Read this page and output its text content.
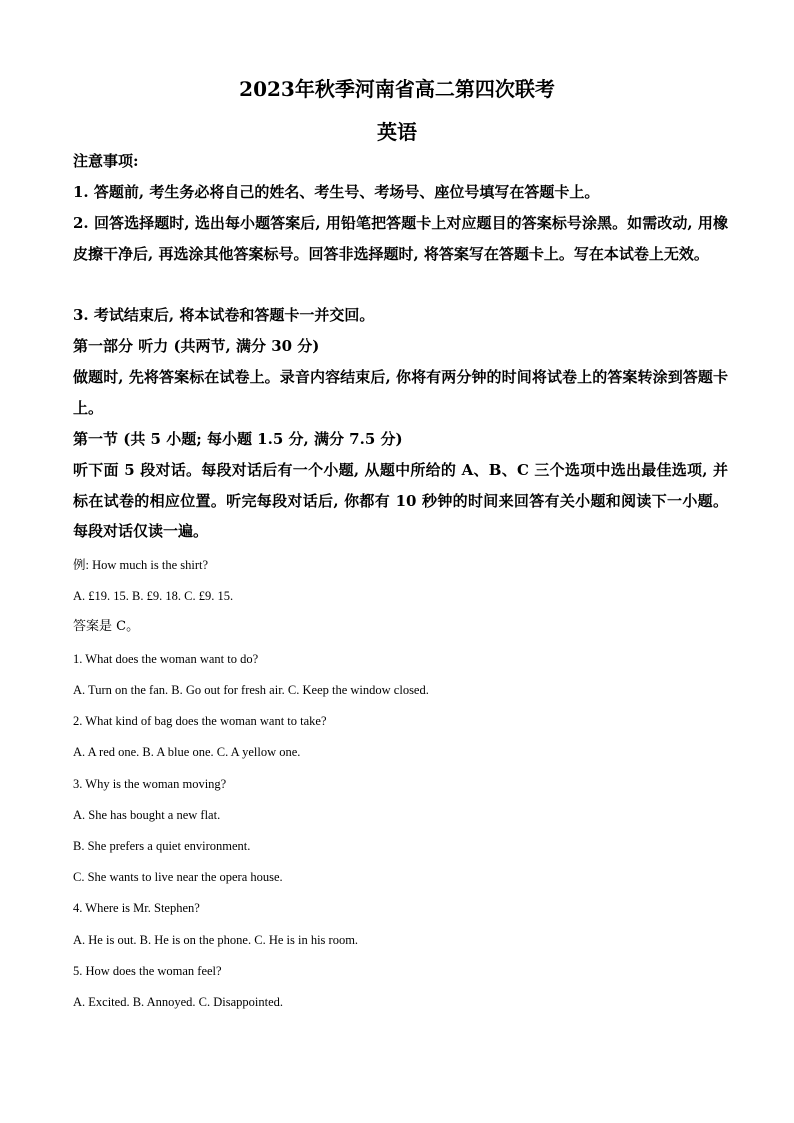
2023年秋季河南省高二第四次联考
英语
注意事项:
1. 答题前, 考生务必将自己的姓名、考生号、考场号、座位号填写在答题卡上。
2. 回答选择题时, 选出每小题答案后, 用铅笔把答题卡上对应题目的答案标号涂黑。如需改动, 用橡皮擦干净后, 再选涂其他答案标号。回答非选择题时, 将答案写在答题卡上。写在本试卷上无效。
3. 考试结束后, 将本试卷和答题卡一并交回。
第一部分 听力 (共两节, 满分 30 分)
做题时, 先将答案标在试卷上。录音内容结束后, 你将有两分钟的时间将试卷上的答案转涂到答题卡上。
第一节 (共 5 小题; 每小题 1.5 分, 满分 7.5 分)
听下面 5 段对话。每段对话后有一个小题, 从题中所给的 A、B、C 三个选项中选出最佳选项, 并标在试卷的相应位置。听完每段对话后, 你都有 10 秒钟的时间来回答有关小题和阅读下一小题。每段对话仅读一遍。
例: How much is the shirt?
A. £19. 15. B. £9. 18. C. £9. 15.
答案是 C。
1. What does the woman want to do?
A. Turn on the fan. B. Go out for fresh air. C. Keep the window closed.
2. What kind of bag does the woman want to take?
A. A red one. B. A blue one. C. A yellow one.
3. Why is the woman moving?
A. She has bought a new flat.
B. She prefers a quiet environment.
C. She wants to live near the opera house.
4. Where is Mr. Stephen?
A. He is out. B. He is on the phone. C. He is in his room.
5. How does the woman feel?
A. Excited. B. Annoyed. C. Disappointed.
